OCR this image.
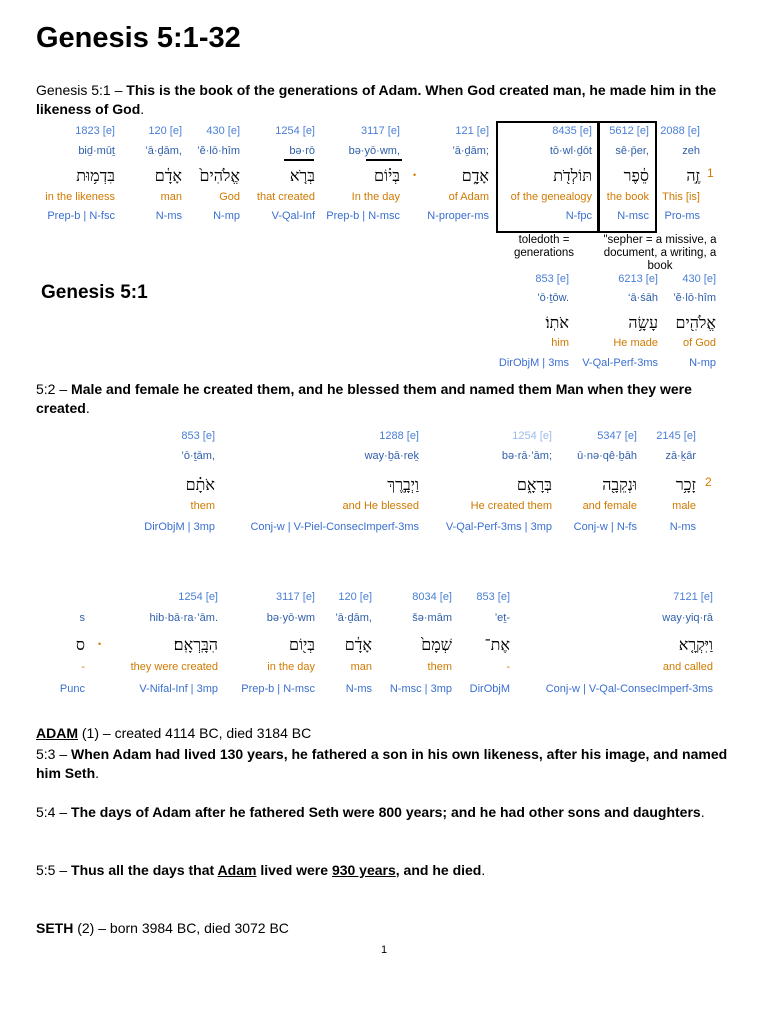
Genesis 5:1-32
Genesis 5:1 – This is the book of the generations of Adam. When God created man, he made him in the likeness of God.
2088 [e]
zeh
זֶ֣ה
This [is]
Pro-ms
5612 [e]
sê·p̄er,
סֵ֔פֶר
the book
N-msc
8435 [e]
tō·wl·ḏōt
תּוֹלְדֹ֖ת
of the genealogy
N-fpc
121 [e]
’ā·ḏām;
אָדָ֑ם
of Adam
N-proper-ms
3117 [e]
bə·yō·wm,
בְּי֗וֹם
In the day
Prep-b | N-msc
1254 [e]
bə·rō
בְּרֹ֤א
that created
V-Qal-Inf
430 [e]
’ĕ·lō·hîm
אֱלֹהִים֙
God
N-mp
120 [e]
’ā·ḏām,
אָדָ֔ם
man
N-ms
1823 [e]
biḏ·mūṯ
בִּדְמ֥וּת
in the likeness
Prep-b | N-fsc
430 [e]
’ĕ·lō·hîm
אֱלֹהִ֖ים
of God
N-mp
6213 [e]
‘ā·śāh
עָשָׂ֥ה
He made
V-Qal-Perf-3ms
853 [e]
’ō·ṯōw.
אֹתֽוֹ׃
him
DirObjM | 3ms
1
•
toledoth = generations
"sepher = a missive, a document, a writing, a book
Genesis 5:1
5:2 – Male and female he created them, and he blessed them and named them Man when they were created.
2145 [e]
zā·ḵār
זָכָ֥ר
male
N-ms
5347 [e]
ū·nə·qê·ḇāh
וּנְקֵבָ֖ה
and female
Conj-w | N-fs
1254 [e]
bə·rā·’ām;
בְּרָאָ֑ם
He created them
V-Qal-Perf-3ms | 3mp
1288 [e]
way·ḇā·reḵ
וַיְבָ֣רֶךְ
and He blessed
Conj-w | V-Piel-ConsecImperf-3ms
853 [e]
’ō·ṯām,
אֹתָ֗ם
them
DirObjM | 3mp
2
7121 [e]
way·yiq·rā
וַיִּקְרָ֤א
and called
Conj-w | V-Qal-ConsecImperf-3ms
853 [e]
’eṯ-
אֶת־
-
DirObjM
8034 [e]
šə·mām
שְׁמָם֙
them
N-msc | 3mp
120 [e]
’ā·ḏām,
אָדָ֔ם
man
N-ms
3117 [e]
bə·yō·wm
בְּי֖וֹם
in the day
Prep-b | N-msc
1254 [e]
hib·bā·ra·’ām.
הִבָּֽרְאָֽם׃
they were created
V-Nifal-Inf | 3mp
s
ס
-
Punc
•
ADAM (1) – created 4114 BC, died 3184 BC
5:3 – When Adam had lived 130 years, he fathered a son in his own likeness, after his image, and named him Seth.
5:4 – The days of Adam after he fathered Seth were 800 years; and he had other sons and daughters.
5:5 – Thus all the days that Adam lived were 930 years, and he died.
SETH (2) – born 3984 BC, died 3072 BC
1
